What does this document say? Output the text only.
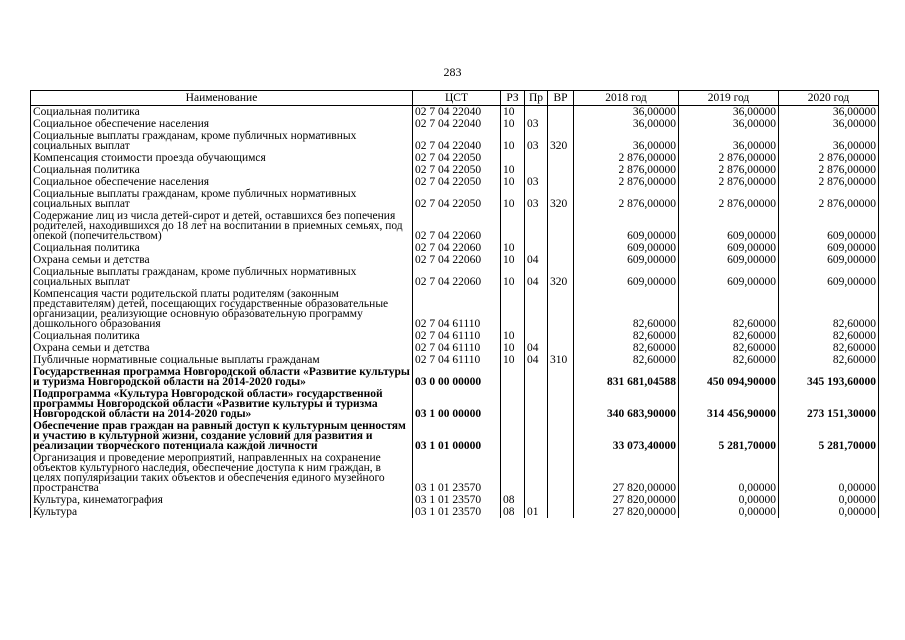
283
Наименование	ЦСТ	РЗ	Пр	ВР	2018 год	2019 год	2020 год
Социальная политика	02 7 04 22040	10			36,00000	36,00000	36,00000
Социальное обеспечение населения	02 7 04 22040	10	03		36,00000	36,00000	36,00000
Социальные выплаты гражданам, кроме публичных нормативных социальных выплат	02 7 04 22040	10	03	320	36,00000	36,00000	36,00000
Компенсация стоимости проезда обучающимся	02 7 04 22050				2 876,00000	2 876,00000	2 876,00000
Социальная политика	02 7 04 22050	10			2 876,00000	2 876,00000	2 876,00000
Социальное обеспечение населения	02 7 04 22050	10	03		2 876,00000	2 876,00000	2 876,00000
Социальные выплаты гражданам, кроме публичных нормативных социальных выплат	02 7 04 22050	10	03	320	2 876,00000	2 876,00000	2 876,00000
Содержание лиц из числа детей-сирот и детей, оставшихся без попечения родителей, находившихся до 18 лет на воспитании в приемных семьях, под опекой (попечительством)	02 7 04 22060				609,00000	609,00000	609,00000
Социальная политика	02 7 04 22060	10			609,00000	609,00000	609,00000
Охрана семьи и детства	02 7 04 22060	10	04		609,00000	609,00000	609,00000
Социальные выплаты гражданам, кроме публичных нормативных социальных выплат	02 7 04 22060	10	04	320	609,00000	609,00000	609,00000
Компенсация части родительской платы родителям (законным представителям) детей, посещающих государственные образовательные организации, реализующие основную образовательную программу дошкольного образования	02 7 04 61110				82,60000	82,60000	82,60000
Социальная политика	02 7 04 61110	10			82,60000	82,60000	82,60000
Охрана семьи и детства	02 7 04 61110	10	04		82,60000	82,60000	82,60000
Публичные нормативные социальные выплаты гражданам	02 7 04 61110	10	04	310	82,60000	82,60000	82,60000
Государственная программа Новгородской области «Развитие культуры и туризма Новгородской области на 2014-2020 годы»	03 0 00 00000				831 681,04588	450 094,90000	345 193,60000
Подпрограмма «Культура Новгородской области» государственной программы Новгородской области «Развитие культуры и туризма Новгородской области на 2014-2020 годы»	03 1 00 00000				340 683,90000	314 456,90000	273 151,30000
Обеспечение прав граждан на равный доступ к культурным ценностям и участию в культурной жизни, создание условий для развития и реализации творческого потенциала каждой личности	03 1 01 00000				33 073,40000	5 281,70000	5 281,70000
Организация и проведение мероприятий, направленных на сохранение объектов культурного наследия, обеспечение доступа к ним граждан, в целях популяризации таких объектов и обеспечения единого музейного пространства	03 1 01 23570				27 820,00000	0,00000	0,00000
Культура, кинематография	03 1 01 23570	08			27 820,00000	0,00000	0,00000
Культура	03 1 01 23570	08	01		27 820,00000	0,00000	0,00000
